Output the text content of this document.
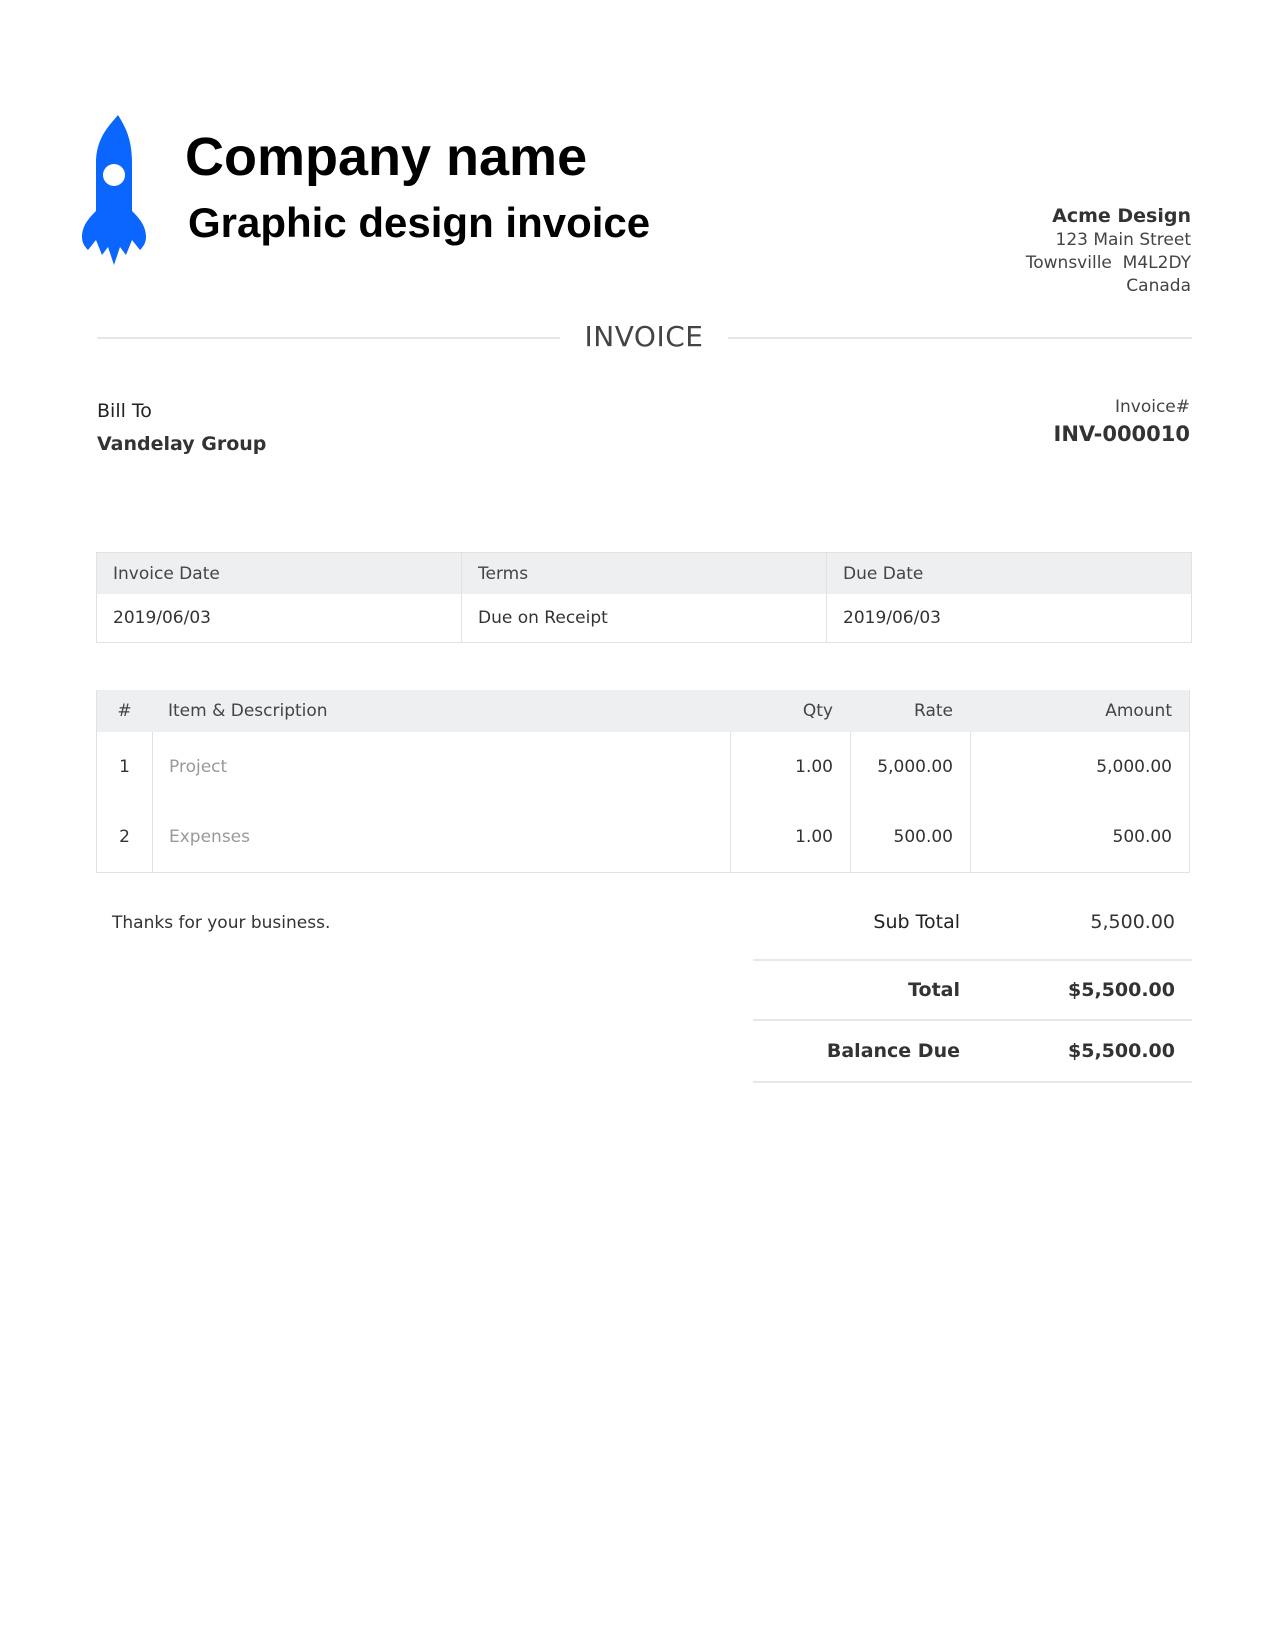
Company name
Graphic design invoice	Acme Design
123 Main Street
Townsville  M4L2DY
Canada
INVOICE
Bill To
Vandelay Group
Invoice#
INV-000010
Invoice Date	Terms	Due Date
2019/06/03	Due on Receipt	2019/06/03
#	Item & Description	Qty	Rate	Amount
1	Project	1.00	5,000.00	5,000.00
2	Expenses	1.00	500.00	500.00
Thanks for your business.	Sub Total	5,500.00
Total	$5,500.00
Balance Due	$5,500.00
